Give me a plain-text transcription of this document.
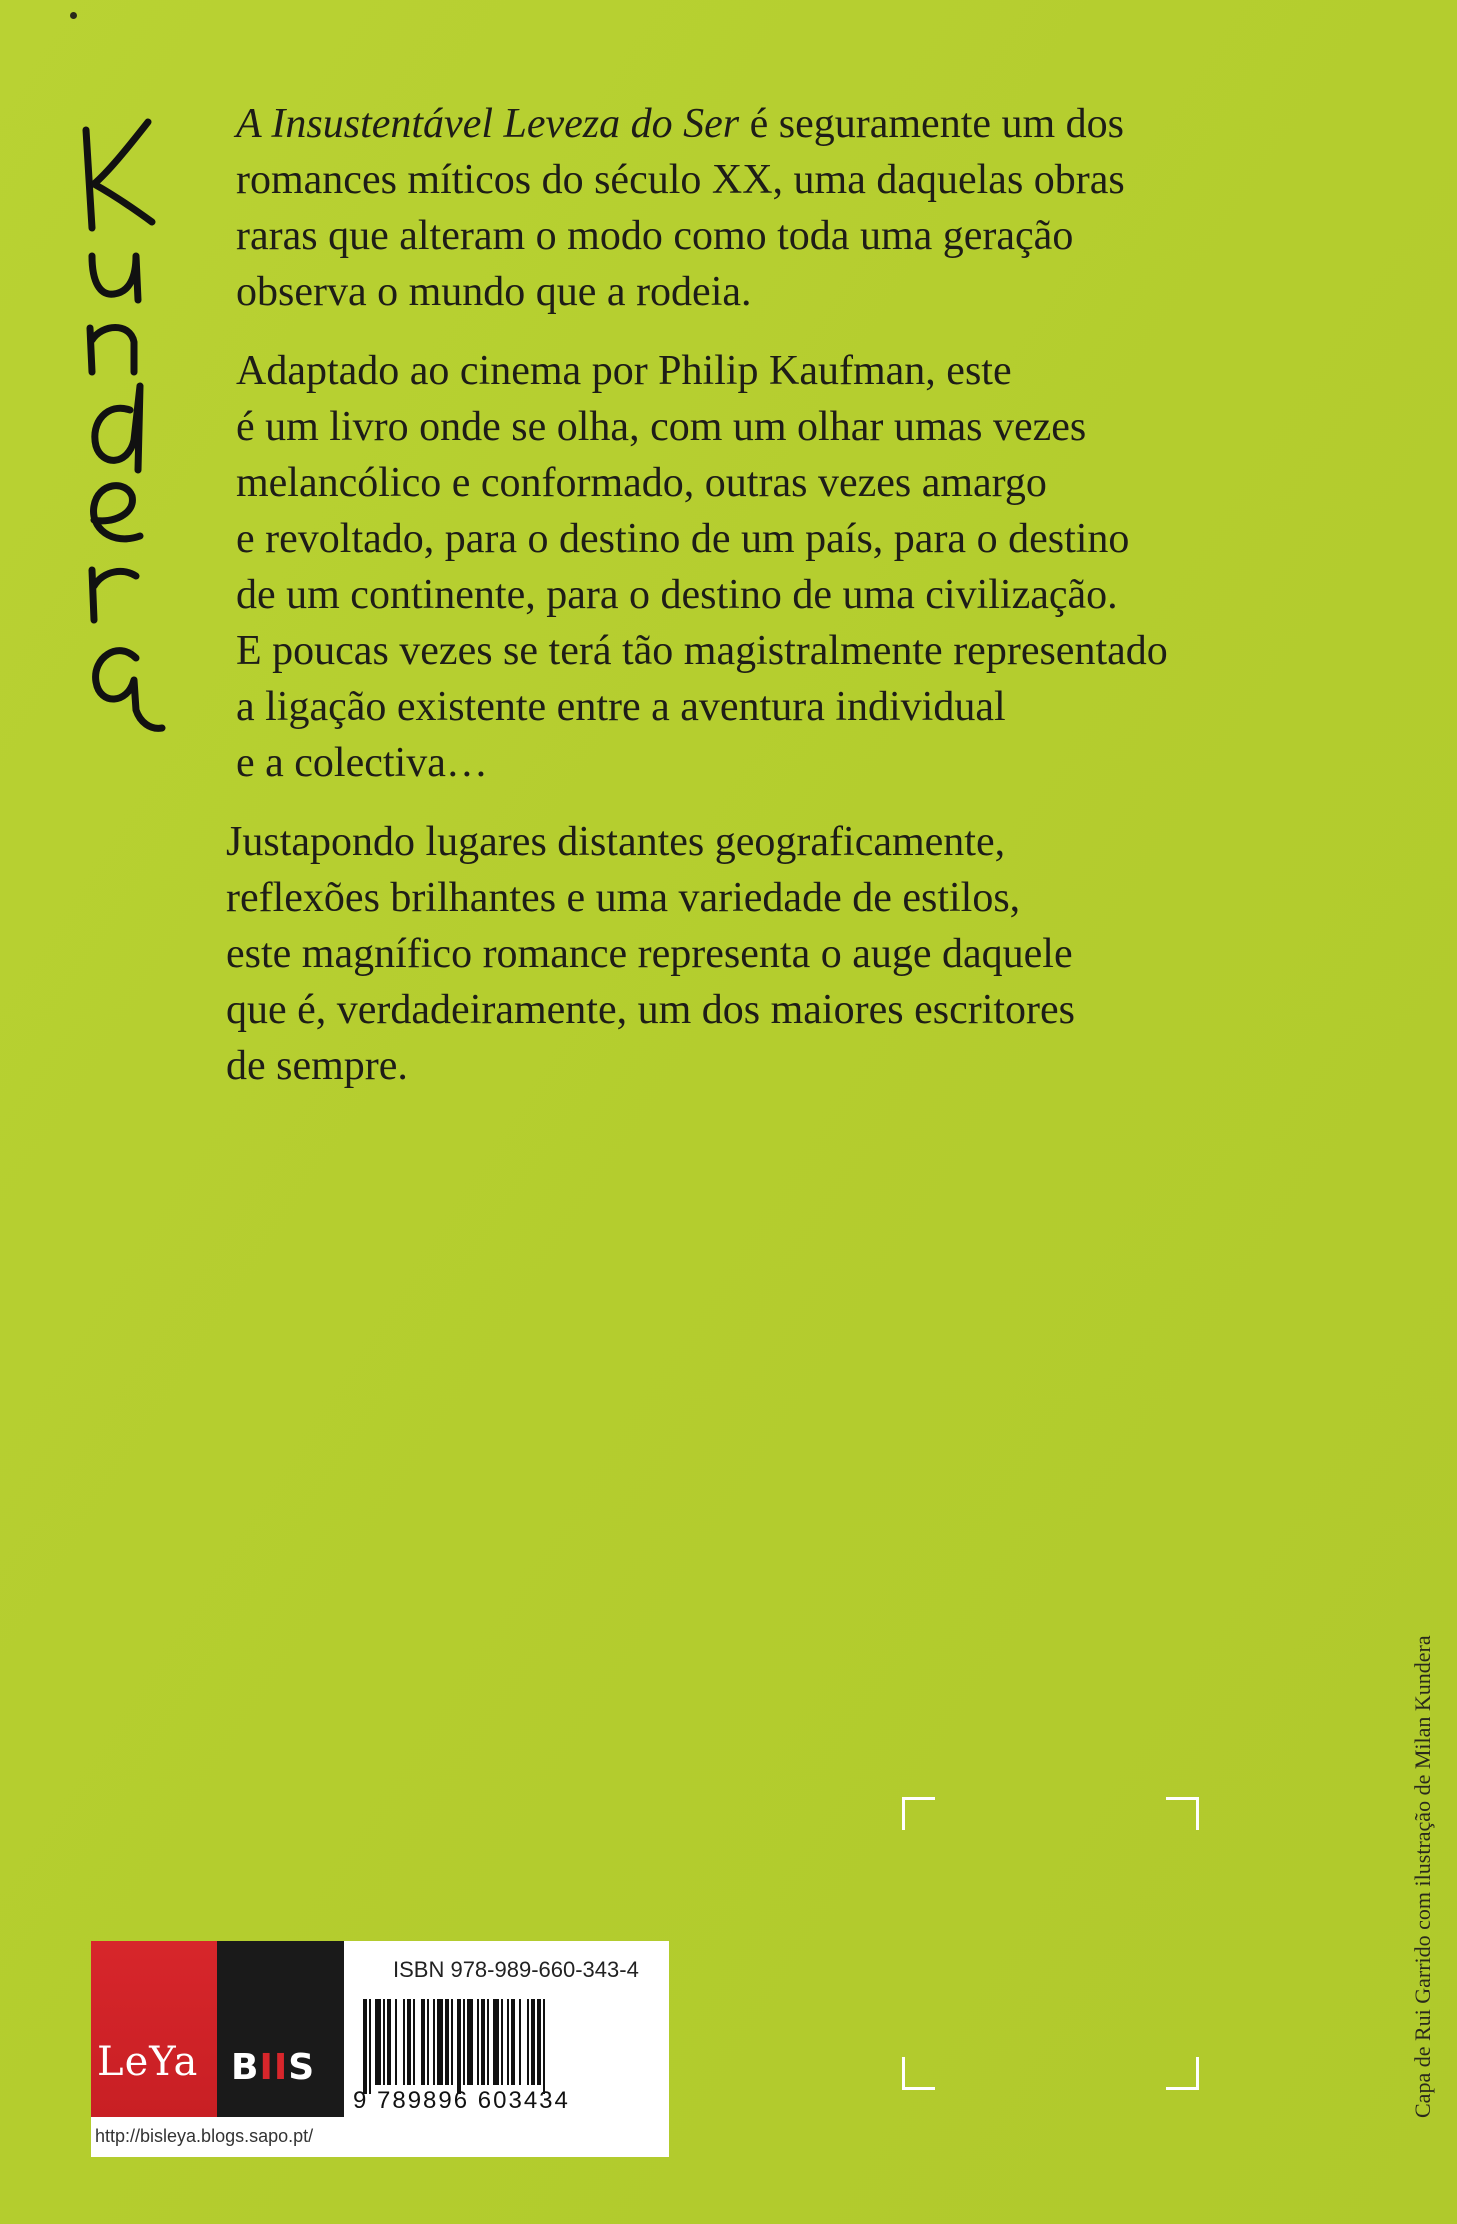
A Insustentável Leveza do Ser é seguramente um dos
romances míticos do século XX, uma daquelas obras
raras que alteram o modo como toda uma geração
observa o mundo que a rodeia.

Adaptado ao cinema por Philip Kaufman, este
é um livro onde se olha, com um olhar umas vezes
melancólico e conformado, outras vezes amargo
e revoltado, para o destino de um país, para o destino
de um continente, para o destino de uma civilização.
E poucas vezes se terá tão magistralmente representado
a ligação existente entre a aventura individual
e a colectiva…

Justapondo lugares distantes geograficamente,
reflexões brilhantes e uma variedade de estilos,
este magnífico romance representa o auge daquele
que é, verdadeiramente, um dos maiores escritores
de sempre.

Capa de Rui Garrido com ilustração de Milan Kundera
LeYa BIIS
ISBN 978-989-660-343-4
9 789896 603434
http://bisleya.blogs.sapo.pt/
